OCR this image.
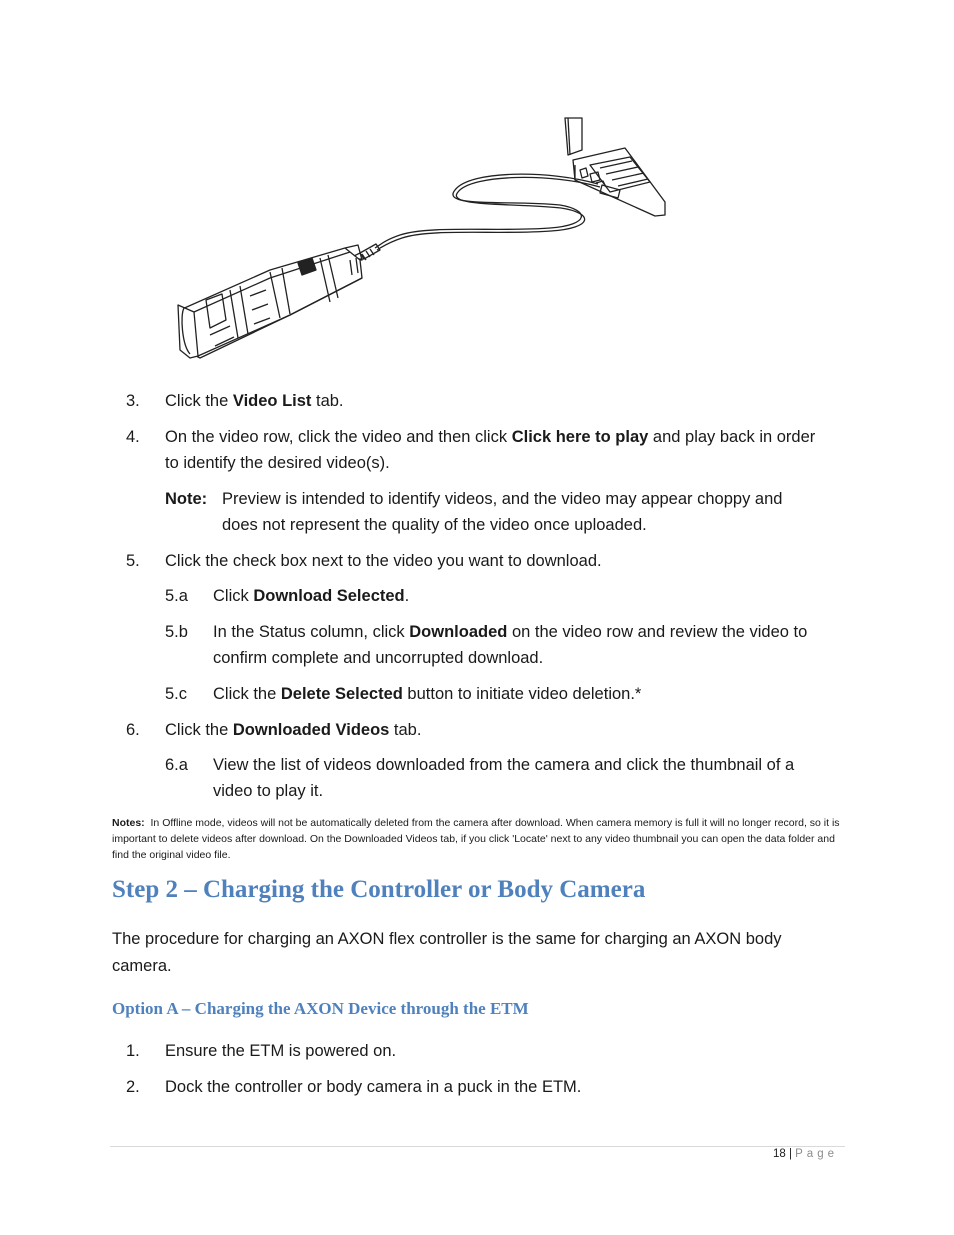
3. Click the Video List tab.
4. On the video row, click the video and then click Click here to play and play back in order
to identify the desired video(s).
Note: Preview is intended to identify videos, and the video may appear choppy and
does not represent the quality of the video once uploaded.
5. Click the check box next to the video you want to download.
5.a Click Download Selected.
5.b In the Status column, click Downloaded on the video row and review the video to
confirm complete and uncorrupted download.
5.c Click the Delete Selected button to initiate video deletion.*
6. Click the Downloaded Videos tab.
6.a View the list of videos downloaded from the camera and click the thumbnail of a
video to play it.
Notes: In Offline mode, videos will not be automatically deleted from the camera after download. When camera memory is full it will no longer record, so it is important to delete videos after download. On the Downloaded Videos tab, if you click 'Locate' next to any video thumbnail you can open the data folder and find the original video file.
Step 2 – Charging the Controller or Body Camera
The procedure for charging an AXON flex controller is the same for charging an AXON body camera.
Option A – Charging the AXON Device through the ETM
1. Ensure the ETM is powered on.
2. Dock the controller or body camera in a puck in the ETM.
18 | Page
